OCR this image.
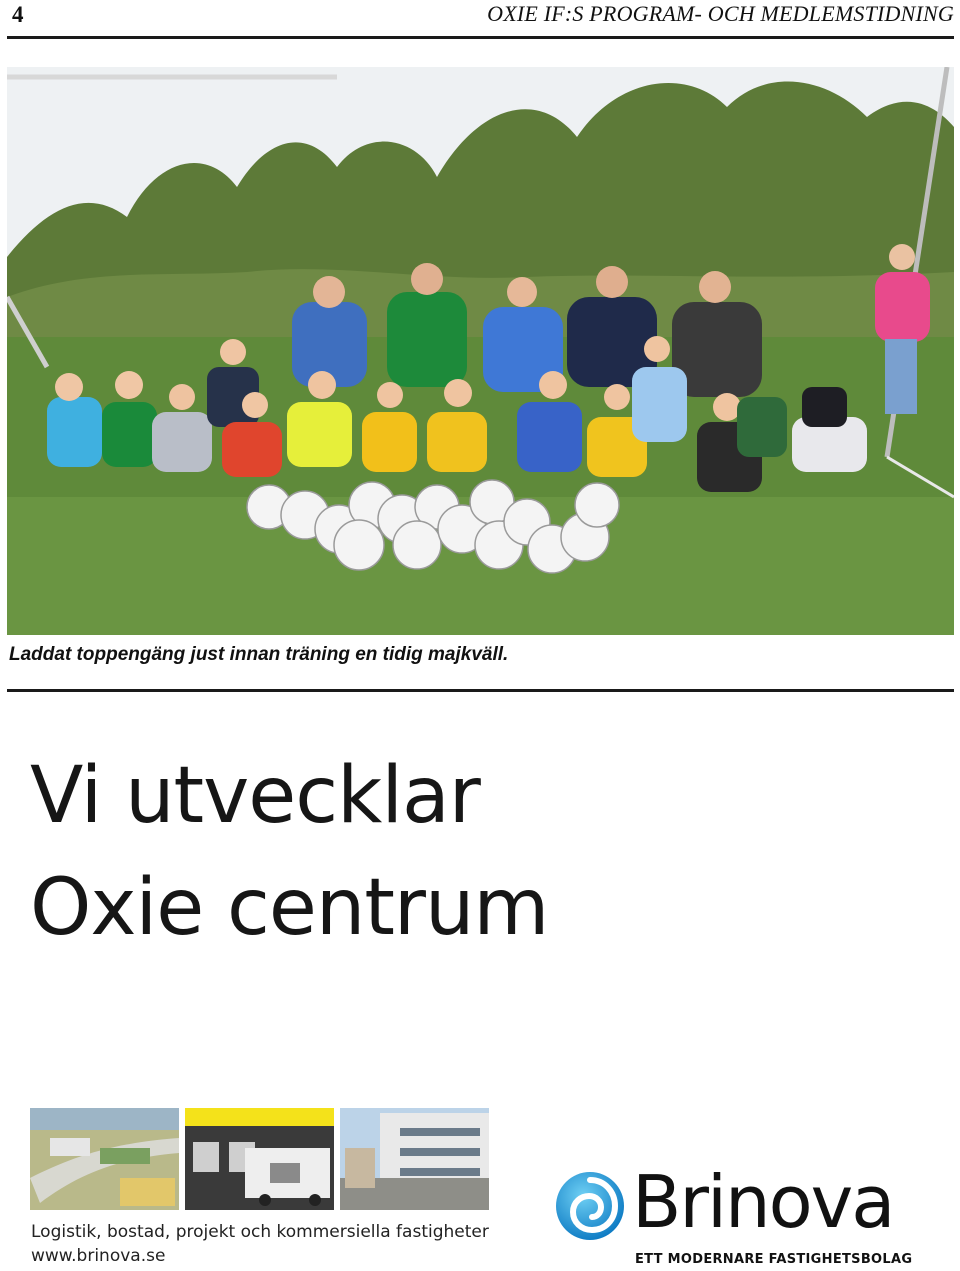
4	OXIE IF:S PROGRAM- OCH MEDLEMSTIDNING
Laddat toppengäng just innan träning en tidig majkväll.
Vi utvecklar
Oxie centrum
Logistik, bostad, projekt och kommersiella fastigheter
www.brinova.se
Brinova
ETT MODERNARE FASTIGHETSBOLAG
